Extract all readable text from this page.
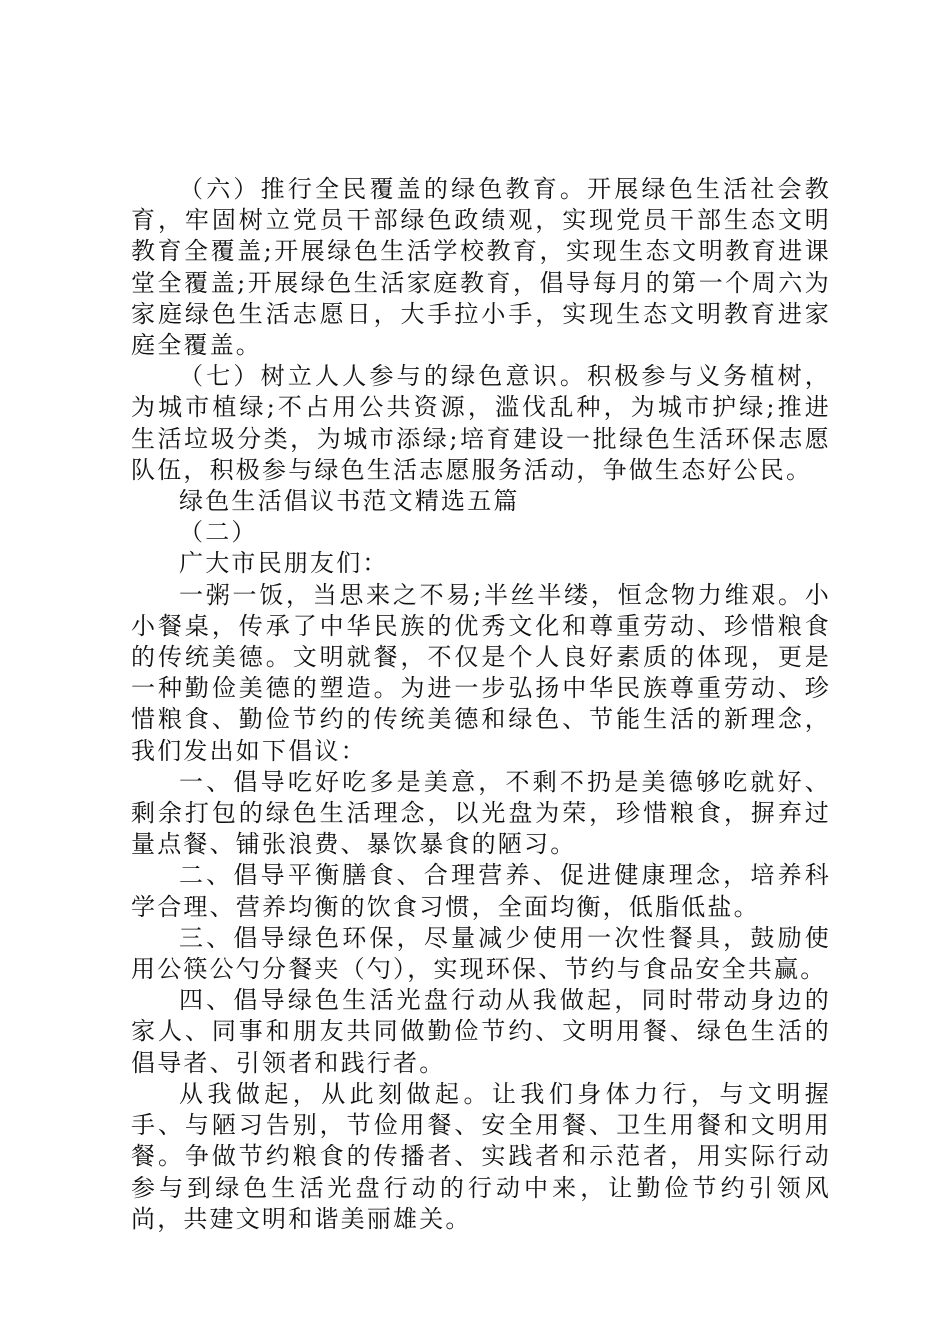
（六）推行全民覆盖的绿色教育。开展绿色生活社会教育，牢固树立党员干部绿色政绩观，实现党员干部生态文明教育全覆盖;开展绿色生活学校教育，实现生态文明教育进课堂全覆盖;开展绿色生活家庭教育，倡导每月的第一个周六为家庭绿色生活志愿日，大手拉小手，实现生态文明教育进家庭全覆盖。

（七）树立人人参与的绿色意识。积极参与义务植树，为城市植绿;不占用公共资源，滥伐乱种，为城市护绿;推进生活垃圾分类，为城市添绿;培育建设一批绿色生活环保志愿队伍，积极参与绿色生活志愿服务活动，争做生态好公民。

绿色生活倡议书范文精选五篇

（二）

广大市民朋友们：

一粥一饭，当思来之不易;半丝半缕，恒念物力维艰。小小餐桌，传承了中华民族的优秀文化和尊重劳动、珍惜粮食的传统美德。文明就餐，不仅是个人良好素质的体现，更是一种勤俭美德的塑造。为进一步弘扬中华民族尊重劳动、珍惜粮食、勤俭节约的传统美德和绿色、节能生活的新理念，我们发出如下倡议：

一、倡导吃好吃多是美意，不剩不扔是美德够吃就好、剩余打包的绿色生活理念，以光盘为荣，珍惜粮食，摒弃过量点餐、铺张浪费、暴饮暴食的陋习。

二、倡导平衡膳食、合理营养、促进健康理念，培养科学合理、营养均衡的饮食习惯，全面均衡，低脂低盐。

三、倡导绿色环保，尽量减少使用一次性餐具，鼓励使用公筷公勺分餐夹（勺），实现环保、节约与食品安全共赢。

四、倡导绿色生活光盘行动从我做起，同时带动身边的家人、同事和朋友共同做勤俭节约、文明用餐、绿色生活的倡导者、引领者和践行者。

从我做起，从此刻做起。让我们身体力行，与文明握手、与陋习告别，节俭用餐、安全用餐、卫生用餐和文明用餐。争做节约粮食的传播者、实践者和示范者，用实际行动参与到绿色生活光盘行动的行动中来，让勤俭节约引领风尚，共建文明和谐美丽雄关。
